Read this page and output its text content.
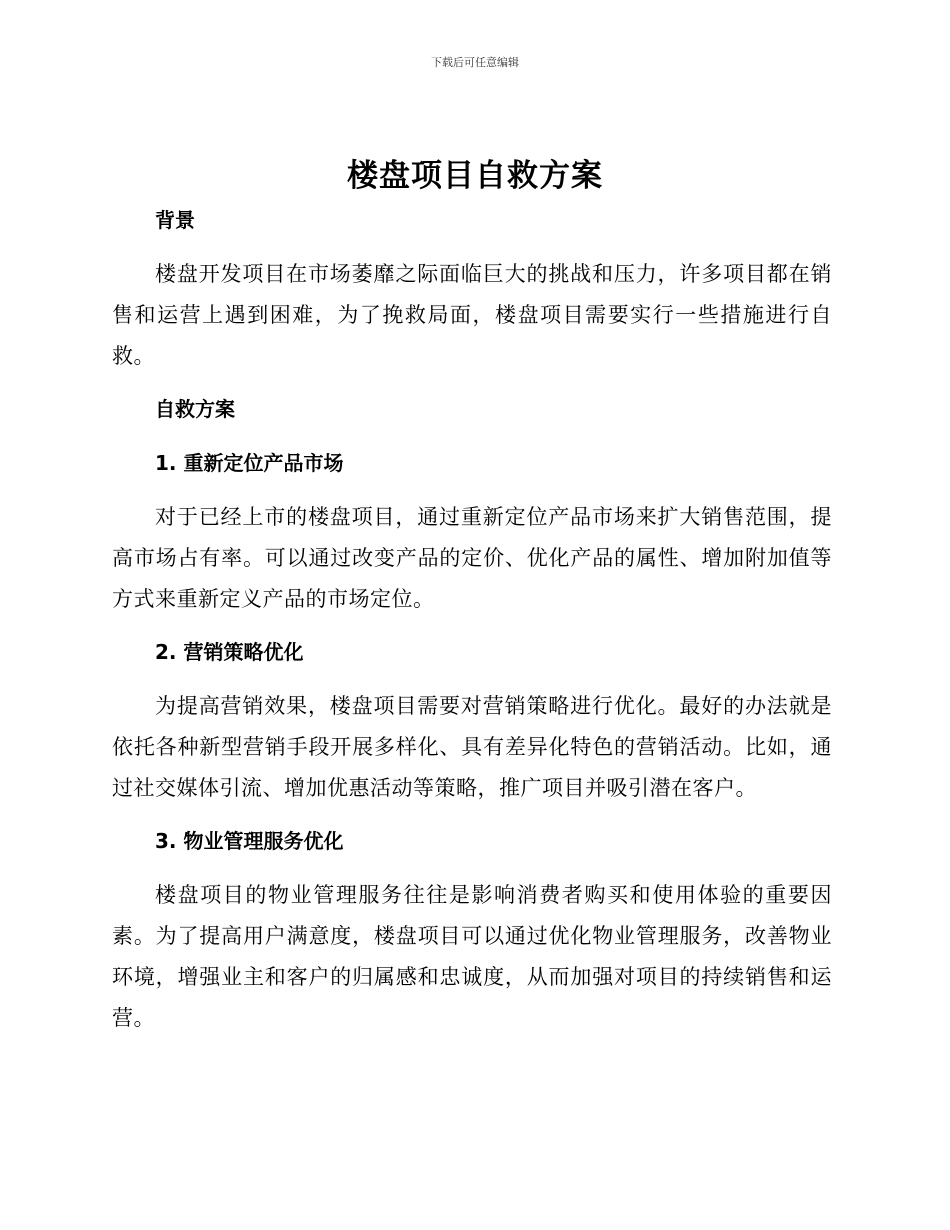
下载后可任意编辑
楼盘项目自救方案

背景

楼盘开发项目在市场萎靡之际面临巨大的挑战和压力，许多项目都在销售和运营上遇到困难，为了挽救局面，楼盘项目需要实行一些措施进行自救。

自救方案

1. 重新定位产品市场

对于已经上市的楼盘项目，通过重新定位产品市场来扩大销售范围，提高市场占有率。可以通过改变产品的定价、优化产品的属性、增加附加值等方式来重新定义产品的市场定位。

2. 营销策略优化

为提高营销效果，楼盘项目需要对营销策略进行优化。最好的办法就是依托各种新型营销手段开展多样化、具有差异化特色的营销活动。比如，通过社交媒体引流、增加优惠活动等策略，推广项目并吸引潜在客户。

3. 物业管理服务优化

楼盘项目的物业管理服务往往是影响消费者购买和使用体验的重要因素。为了提高用户满意度，楼盘项目可以通过优化物业管理服务，改善物业环境，增强业主和客户的归属感和忠诚度，从而加强对项目的持续销售和运营。
